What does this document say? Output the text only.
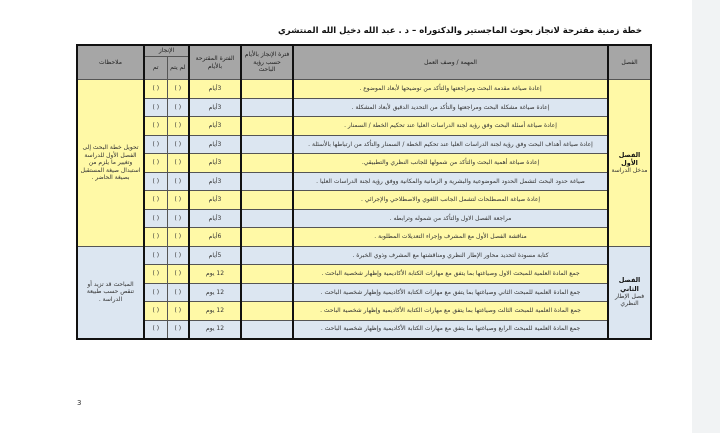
خطة زمنية مقترحة لانجاز بحوث الماجستير والدكتوراه – د . عبد الله دخيل الله المنتشري
الفصل	المهمة / وصف العمل	فترة الإنجاز بالأيام حسب رؤية الباحث	الفترة المقترحة بالأيام	الإنجاز		ملاحظات
				لم يتم	تم	

الفصل الأول
مدخل الدراسة	إعادة صياغة مقدمة البحث ومراجعتها والتأكد من توضيحها لأبعاد الموضوع .		3أيام	( )	( )	تحويل خطة البحث إلى الفصل الأول للدراسة وتغيير ما يلزم من استبدال صيغة المستقبل بصيغة الحاضر .
	إعادة صياغة مشكلة البحث ومراجعتها والتأكد من التحديد الدقيق لأبعاد المشكلة .		3أيام	( )	( )	
	إعادة صياغة أسئلة البحث وفق رؤية لجنة الدراسات العليا عند تحكيم الخطة / السمنار .		3أيام	( )	( )	
	إعادة صياغة أهداف البحث وفق رؤية لجنة الدراسات العليا عند تحكيم الخطة / السمنار والتأكد من ارتباطها بالأسئلة .		3أيام	( )	( )	
	إعادة صياغة أهمية البحث والتأكد من شمولها للجانب النظري والتطبيقي.		3أيام	( )	( )	
	صياغة حدود البحث لتشمل الحدود الموضوعية والبشرية و الزمانية والمكانية ووفق رؤية لجنة الدراسات العليا .		3أيام	( )	( )	
	إعادة صياغة المصطلحات لتشمل الجانب اللغوي والاصطلاحي والإجرائي .		3أيام	( )	( )	
	مراجعة الفصل الاول والتأكد من شموله وترابطه .		3أيام	( )	( )	
	مناقشة الفصل الأول مع المشرف وإجراء التعديلات المطلوبة .		6أيام	( )	( )	

الفصل الثاني
فصل الإطار النظري	كتابة مسودة لتحديد محاور الإطار النظري ومناقشتها مع المشرف وذوي الخبرة .		5أيام	( )	( )	المباحث قد تزيد أو تنقص حسب طبيعة الدراسة .
	جمع المادة العلمية للمبحث الاول وصياغتها بما يتفق مع مهارات الكتابة الأكاديمية وإظهار شخصية الباحث .		12 يوم	( )	( )	
	جمع المادة العلمية للمبحث الثاني وصياغتها بما يتفق مع مهارات الكتابة الأكاديمية وإظهار شخصية الباحث .		12 يوم	( )	( )	
	جمع المادة العلمية للمبحث الثالث وصياغتها بما يتفق مع مهارات الكتابة الأكاديمية وإظهار شخصية الباحث .		12 يوم	( )	( )	
	جمع المادة العلمية للمبحث الرابع وصياغتها بما يتفق مع مهارات الكتابة الأكاديمية وإظهار شخصية الباحث .		12 يوم	( )	( )	
3
